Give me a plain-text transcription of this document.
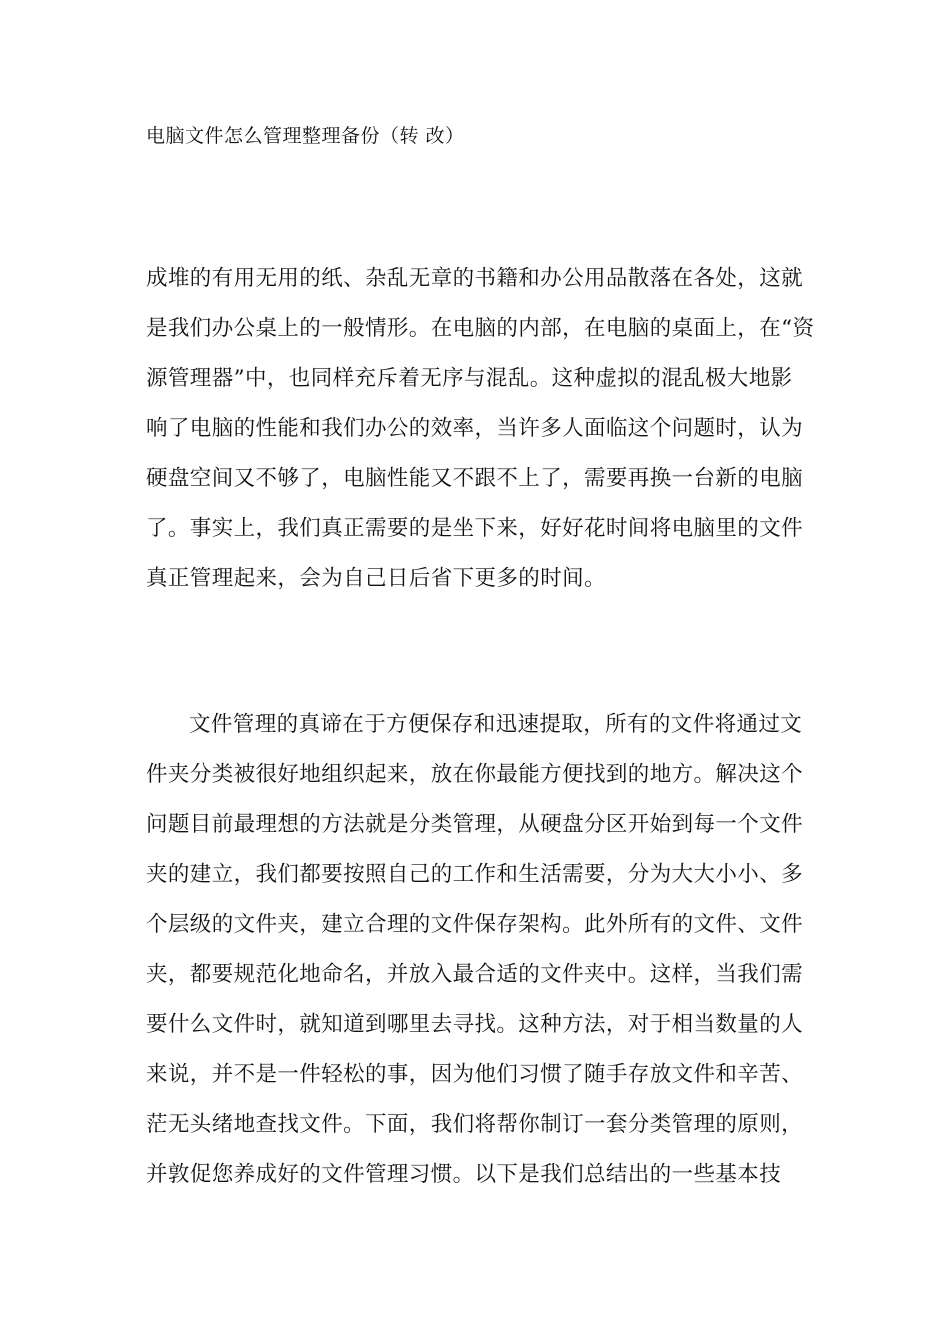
电脑文件怎么管理整理备份（转 改）
成堆的有用无用的纸、杂乱无章的书籍和办公用品散落在各处，这就
是我们办公桌上的一般情形。在电脑的内部，在电脑的桌面上，在“资
源管理器”中，也同样充斥着无序与混乱。这种虚拟的混乱极大地影
响了电脑的性能和我们办公的效率，当许多人面临这个问题时，认为
硬盘空间又不够了，电脑性能又不跟不上了，需要再换一台新的电脑
了。事实上，我们真正需要的是坐下来，好好花时间将电脑里的文件
真正管理起来，会为自己日后省下更多的时间。
文件管理的真谛在于方便保存和迅速提取，所有的文件将通过文
件夹分类被很好地组织起来，放在你最能方便找到的地方。解决这个
问题目前最理想的方法就是分类管理，从硬盘分区开始到每一个文件
夹的建立，我们都要按照自己的工作和生活需要，分为大大小小、多
个层级的文件夹，建立合理的文件保存架构。此外所有的文件、文件
夹，都要规范化地命名，并放入最合适的文件夹中。这样，当我们需
要什么文件时，就知道到哪里去寻找。这种方法，对于相当数量的人
来说，并不是一件轻松的事，因为他们习惯了随手存放文件和辛苦、
茫无头绪地查找文件。下面，我们将帮你制订一套分类管理的原则，
并敦促您养成好的文件管理习惯。以下是我们总结出的一些基本技
